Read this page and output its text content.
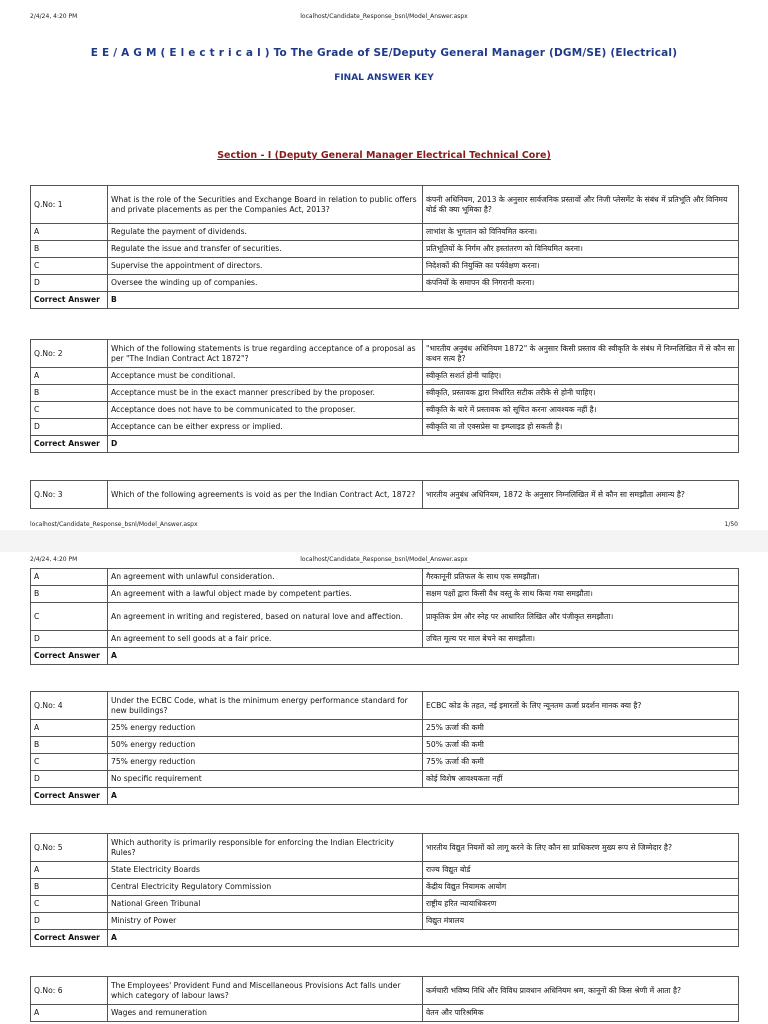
2/4/24, 4:20 PM	localhost/Candidate_Response_bsnl/Model_Answer.aspx
E E / A G M ( E l e c t r i c a l ) To The Grade of SE/Deputy General Manager (DGM/SE) (Electrical)
FINAL ANSWER KEY
Section - I (Deputy General Manager Electrical Technical Core)
Q.No: 1	What is the role of the Securities and Exchange Board in relation to public offers and private placements as per the Companies Act, 2013?	कंपनी अधिनियम, 2013 के अनुसार सार्वजनिक प्रस्तावों और निजी प्लेसमेंट के संबंध में प्रतिभूति और विनिमय बोर्ड की क्या भूमिका है?
A	Regulate the payment of dividends.	लाभांश के भुगतान को विनियमित करना।
B	Regulate the issue and transfer of securities.	प्रतिभूतियों के निर्गम और हस्तांतरण को विनियमित करना।
C	Supervise the appointment of directors.	निदेशकों की नियुक्ति का पर्यवेक्षण करना।
D	Oversee the winding up of companies.	कंपनियों के समापन की निगरानी करना।
Correct Answer	B	
Q.No: 2	Which of the following statements is true regarding acceptance of a proposal as per "The Indian Contract Act 1872"?	"भारतीय अनुबंध अधिनियम 1872" के अनुसार किसी प्रस्ताव की स्वीकृति के संबंध में निम्नलिखित में से कौन सा कथन सत्य है?
A	Acceptance must be conditional.	स्वीकृति सशर्त होनी चाहिए।
B	Acceptance must be in the exact manner prescribed by the proposer.	स्वीकृति, प्रस्तावक द्वारा निर्धारित सटीक तरीके से होनी चाहिए।
C	Acceptance does not have to be communicated to the proposer.	स्वीकृति के बारे में प्रस्तावक को सूचित करना आवश्यक नहीं है।
D	Acceptance can be either express or implied.	स्वीकृति या तो एक्सप्रेस या इम्प्लाइड हो सकती है।
Correct Answer	D	
Q.No: 3	Which of the following agreements is void as per the Indian Contract Act, 1872?	भारतीय अनुबंध अधिनियम, 1872 के अनुसार निम्नलिखित में से कौन सा समझौता अमान्य है?
localhost/Candidate_Response_bsnl/Model_Answer.aspx	1/50
2/4/24, 4:20 PM	localhost/Candidate_Response_bsnl/Model_Answer.aspx
A	An agreement with unlawful consideration.	गैरकानूनी प्रतिफल के साथ एक समझौता।
B	An agreement with a lawful object made by competent parties.	सक्षम पक्षों द्वारा किसी वैध वस्तु के साथ किया गया समझौता।
C	An agreement in writing and registered, based on natural love and affection.	प्राकृतिक प्रेम और स्नेह पर आधारित लिखित और पंजीकृत समझौता।
D	An agreement to sell goods at a fair price.	उचित मूल्य पर माल बेचने का समझौता।
Correct Answer	A	
Q.No: 4	Under the ECBC Code, what is the minimum energy performance standard for new buildings?	ECBC कोड के तहत, नई इमारतों के लिए न्यूनतम ऊर्जा प्रदर्शन मानक क्या है?
A	25% energy reduction	25% ऊर्जा की कमी
B	50% energy reduction	50% ऊर्जा की कमी
C	75% energy reduction	75% ऊर्जा की कमी
D	No specific requirement	कोई विशेष आवश्यकता नहीं
Correct Answer	A	
Q.No: 5	Which authority is primarily responsible for enforcing the Indian Electricity Rules?	भारतीय विद्युत नियमों को लागू करने के लिए कौन सा प्राधिकरण मुख्य रूप से जिम्मेदार है?
A	State Electricity Boards	राज्य विद्युत बोर्ड
B	Central Electricity Regulatory Commission	केंद्रीय विद्युत नियामक आयोग
C	National Green Tribunal	राष्ट्रीय हरित न्यायाधिकरण
D	Ministry of Power	विद्युत मंत्रालय
Correct Answer	A	
Q.No: 6	The Employees' Provident Fund and Miscellaneous Provisions Act falls under which category of labour laws?	कर्मचारी भविष्य निधि और विविध प्रावधान अधिनियम श्रम, कानूनों की किस श्रेणी में आता है?
A	Wages and remuneration	वेतन और पारिश्रमिक
